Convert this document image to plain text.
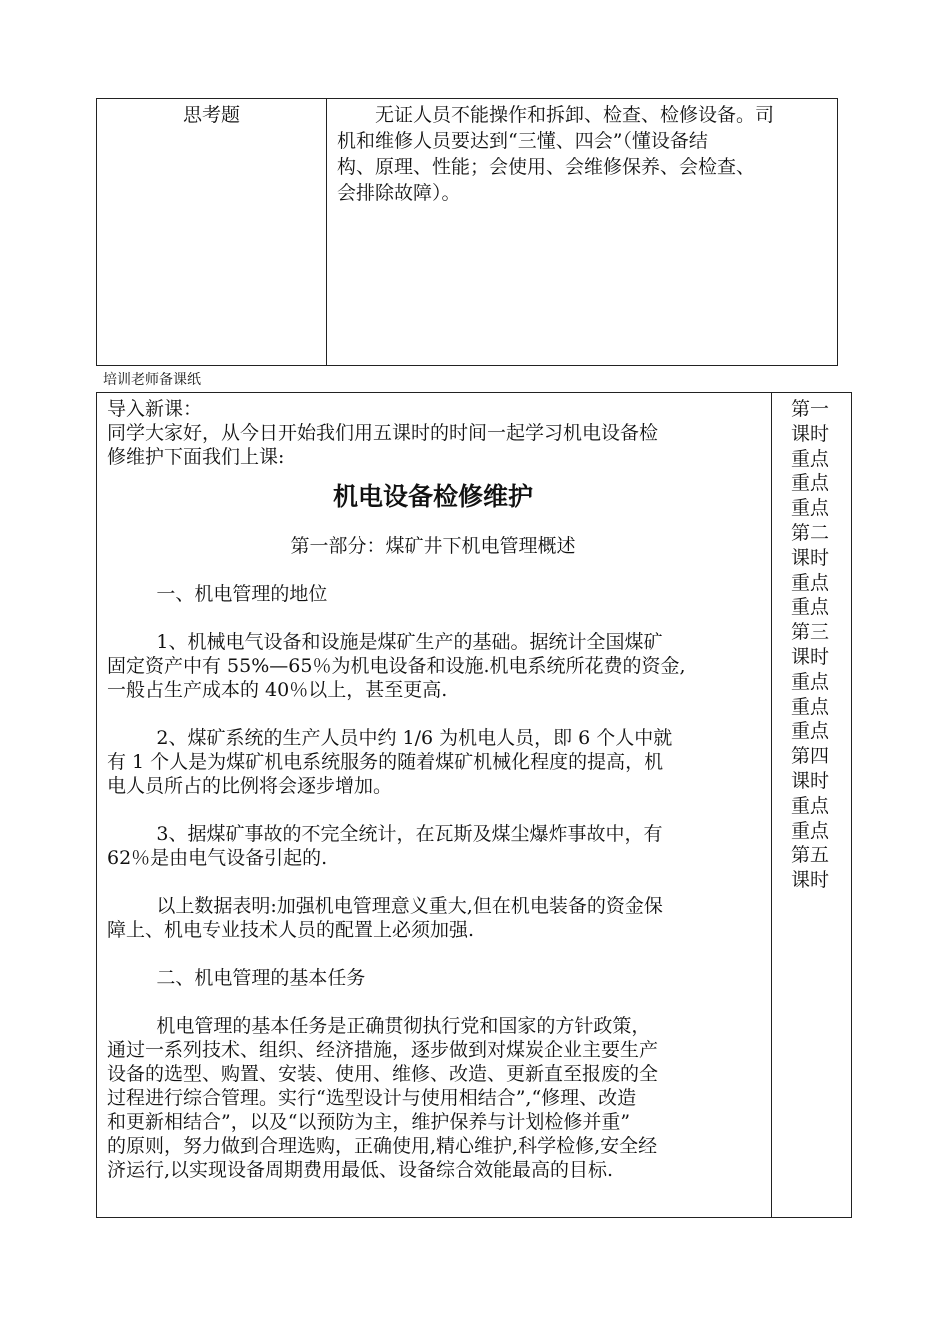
思考题	无证人员不能操作和拆卸、检查、检修设备。司

机和维修人员要达到“三懂、四会”（懂设备结
构、原理、性能；会使用、会维修保养、会检查、
会排除故障）。
培训老师备课纸

导入新课：

同学大家好，从今日开始我们用五课时的时间一起学习机电设备检

修维护下面我们上课:

机电设备检修维护

第一部分：煤矿井下机电管理概述

一、机电管理的地位

1、机械电气设备和设施是煤矿生产的基础。据统计全国煤矿

固定资产中有 55%—65％为机电设备和设施.机电系统所花费的资金,

一般占生产成本的 40％以上，甚至更高.

2、煤矿系统的生产人员中约 1/6 为机电人员，即 6 个人中就

有 1 个人是为煤矿机电系统服务的随着煤矿机械化程度的提高，机

电人员所占的比例将会逐步增加。

3、据煤矿事故的不完全统计，在瓦斯及煤尘爆炸事故中，有

62％是由电气设备引起的.

以上数据表明:加强机电管理意义重大,但在机电装备的资金保

障上、机电专业技术人员的配置上必须加强.

二、机电管理的基本任务

机电管理的基本任务是正确贯彻执行党和国家的方针政策，

通过一系列技术、组织、经济措施，逐步做到对煤炭企业主要生产

设备的选型、购置、安装、使用、维修、改造、更新直至报废的全

过程进行综合管理。实行“选型设计与使用相结合”,“修理、改造

和更新相结合”，以及“以预防为主，维护保养与计划检修并重”

的原则，努力做到合理选购，正确使用,精心维护,科学检修,安全经

济运行,以实现设备周期费用最低、设备综合效能最高的目标.

第一
课时
重点
重点
重点
第二
课时
重点
重点
第三
课时
重点
重点
重点
第四
课时
重点
重点
第五
课时
